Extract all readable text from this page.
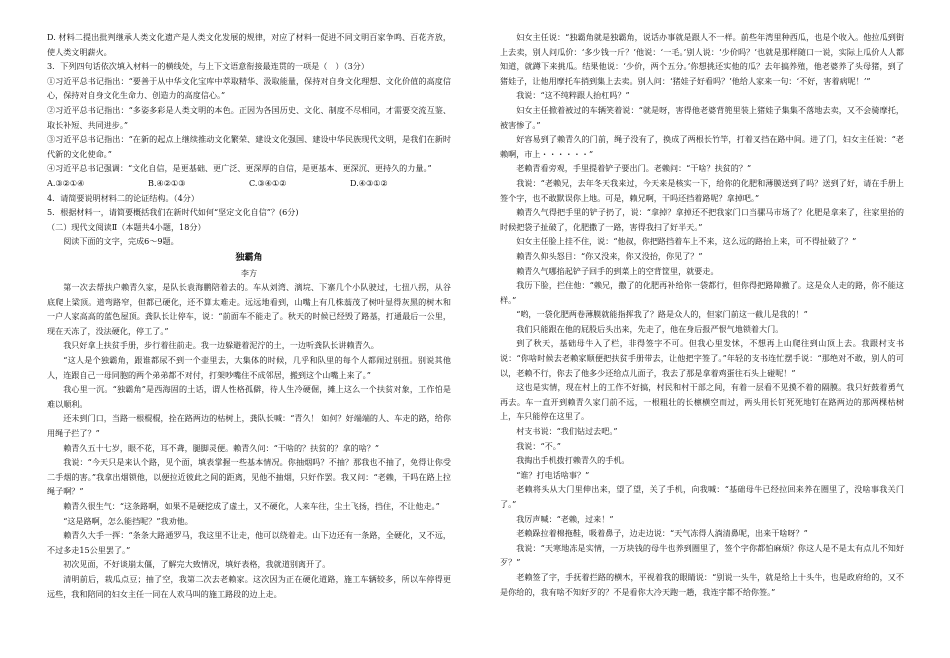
D. 材料二提出批判继承人类文化遗产是人类文化发展的规律，对应了材料一促进不同文明百家争鸣、百花齐放，使人类文明薪火。

3．下列四句话依次填入材料一的横线处，与上下文语意衔接最连贯的一项是（　）（3分）

①习近平总书记指出：“要善于从中华文化宝库中萃取精华、汲取能量，保持对自身文化理想、文化价值的高度信心，保持对自身文化生命力、创造力的高度信心。”

②习近平总书记指出：“多姿多彩是人类文明的本色。正因为各国历史、文化、制度不尽相同，才需要交流互鉴、取长补短、共同进步。”

③习近平总书记指出：“在新的起点上继续推动文化繁荣、建设文化强国、建设中华民族现代文明，是我们在新时代新的文化使命。”

④习近平总书记强调：“文化自信，是更基础、更广泛、更深厚的自信，是更基本、更深沉、更持久的力量。”

A.③②①④	B.④②①③	C.③④①②	D.④③①②

4．请简要说明材料二的论证结构。（4分）

5．根据材料一，请简要概括我们在新时代如何“坚定文化自信”？(6分)

（二）现代文阅读Ⅱ（本题共4小题，18分）

阅读下面的文字，完成6～9题。

独霸角

李方

第一次去帮扶户赖青久家，是队长袁海鹏陪着去的。车从刘湾、漓垸、下寨几个小队驶过，七扭八拐，从谷底爬上梁顶。道弯路窄，但都已硬化，还不算太难走。远远地看到，山嘴上有几株蓊茂了树叶显得灰黑的树木和一户人家高高的蓝色屋顶。龚队长让停车，说：“前面车不能走了。秋天的时候已经毁了路基，打通最后一公里，现在天冻了，没法硬化，停工了。”

我只好拿上扶贫手册，步行着往前走。我一边躲避着泥泞的土，一边听龚队长讲赖青久。

“这人是个独霸角，跟谁都尿不到一个壶里去，大集体的时候，几乎和队里的每个人都闹过别扭。别说其他人，连跟自己一母同胞的两个弟弟都不对付，打架吵嘴住不成邻居，搬到这个山嘴上来了。”

我心里一沉。“独霸角”是西海固的土话，谓人性格孤僻，待人生冷硬倔，摊上这么一个扶贫对象，工作怕是难以顺利。

还未到门口，当路一根棍棍，拴在路两边的枯树上，龚队长喊：“青久！ 如何？好端端的人、车走的路，给你用绳子拦了？”

赖青久五十七岁，眼不花，耳不聋，腿脚灵便。赖青久问：“干啥的？扶贫的？拿的啥？”

我说：“今天只是来认个路，见个面，填表掌握一些基本情况。你抽烟吗？不抽？那我也不抽了，免得让你受二手烟的害。”我拿出烟锁他，以便拉近彼此之间的距离，见他不抽烟，只好作罢。我又问：“老赖，干吗在路上拉绳子啊？”

赖青久很生气：“这条路啊，如果不是硬挖成了虚土，又不硬化，人来车往，尘土飞扬，挡住，不让他走。”

“这是路啊，怎么能挡呢？”我劝他。

赖青久大手一挥：“条条大路通罗马，我这里不让走，他可以绕着走。山下边还有一条路，全硬化，又不远，不过多走15公里罢了。”

初次见面，不好谈崩太僵，了解完大致情况，填好表格，我就道别离开了。

清明前后，栽瓜点豆；抽了空，我第二次去老赖家。这次因为正在硬化道路，施工车辆较多，所以车停得更远些，我和陪同的妇女主任一同在人欢马叫的施工路段的边上走。

妇女主任说：“独霸角就是独霸角，说话办事就是跟人不一样。前些年湾里种西瓜，也是个收入。他拉瓜到街上去卖，别人问瓜价：‘多少钱一斤？’他说：‘一毛。’别人说：‘少价吗？’也就是那样随口一说，实际上瓜价人人都知道，就蹲下来挑瓜。结果他说：‘少价，两个五分。’你想挑还实他的瓜？去年搞养殖，他老婆养了头母猪，到了猪娃子，让他用摩托车捎到集上去卖。别人问：‘猪娃子好看吗？’他给人家来一句：‘不好，害着病呢！’”

我说：“这不纯粹跟人抬杠吗？”

妇女主任掀着被过的车辆笑着说：“就是呀，害得他老婆背篼里装上猪娃子集集不落地去卖，又不会骑摩托，被害惨了。”

好容易到了赖青久的门前，绳子没有了，换成了两根长竹竿，打着叉挡在路中间。进了门，妇女主任说：“老赖啊，市上・・・・・・”

老赖青看旁观，手里提着铲子要出门。老赖问：“干啥？扶贫的？”

我说：“老赖兄，去年冬天我来过，今天来是核实一下，给你的化肥和薄膜送到了吗？送到了好，请在手册上签个字，也不敢默误你上地。可是，赖兄啊，干吗还挡着路呢？拿掉吧。”

赖青久气得把手里的铲子扔了，说：“拿掉？拿掉还不把我家门口当骡马市场了？化肥是拿来了，往家里抬的时候把袋子扯破了，化肥撒了一路，害得我扫了好半天。”

妇女主任脸上挂不住，说：“他叔，你把路挡着车上不来，这么远的路抬上来，可不得扯破了？”

赖青久仰头怒目：“你又没来，你又没抬，你见了？”

赖青久气哪掐起铲子回手的到菜上的空背筐里，就要走。

我历下脸，拦住他：“赖兄，撒了的化肥再补给你一袋都行，但你得把路障撤了。这是众人走的路，你不能这样。”

“哟，一袋化肥两卷薄膜就能指挥我了？路是众人的，但家门前这一截儿是我的！”

我们只能跟在他的屁股后头出来，先走了，他在身后报严恨气地锁着大门。

到了秋天，基础母牛入了栏，非得签字不可。但我心里发怵，不想再上山爬往到山顶上去。我跟村支书说：“你啥时候去老赖家顺便把扶贫手册带去，让他把字签了。”年轻的支书连忙摆手说：“那绝对不敢，别人的可以，老赖不行，你去了他多少还给点儿面子，我去了那是拿着鸡蛋往石头上碰呢！”

这也是实情，现在村上的工作不好搞，村民和村干部之间，有着一层看不见摸不着的隔膜。我只好鼓着勇气再去。车一直开到赖青久家门前不远，一根粗壮的长檩横空而过，两头用长钉死死地钉在路两边的那两棵枯树上，车只能停在这里了。

村支书说：“我们钻过去吧。”

我说：“不。”

我掏出手机拨打赖青久的手机。

“谁？打电话啥事？”

老赖将头从大门里伸出来，望了望，关了手机，向我喊：“基础母牛已经拉回来养在圈里了，没啥事我关门了。”

我厉声喊：“老赖，过来！”

老赖跺拉着棉拖鞋，吸着鼻子，边走边说：“天气冻得人淌清鼻呢，出来干啥呀？”

我说：“天寒地冻是实情，一万块钱的母牛也养到圈里了，签个字你都怕麻烦？你这人是不是太有点儿不知好歹？”

老赖签了字，手抚着拦路的横木，平视着我的眼睛说：“别说一头牛，就是给上十头牛，也是政府给的，又不是你给的，我有啥不知好歹的？不是看你大冷天跑一趟，我连字都不给你签。”
